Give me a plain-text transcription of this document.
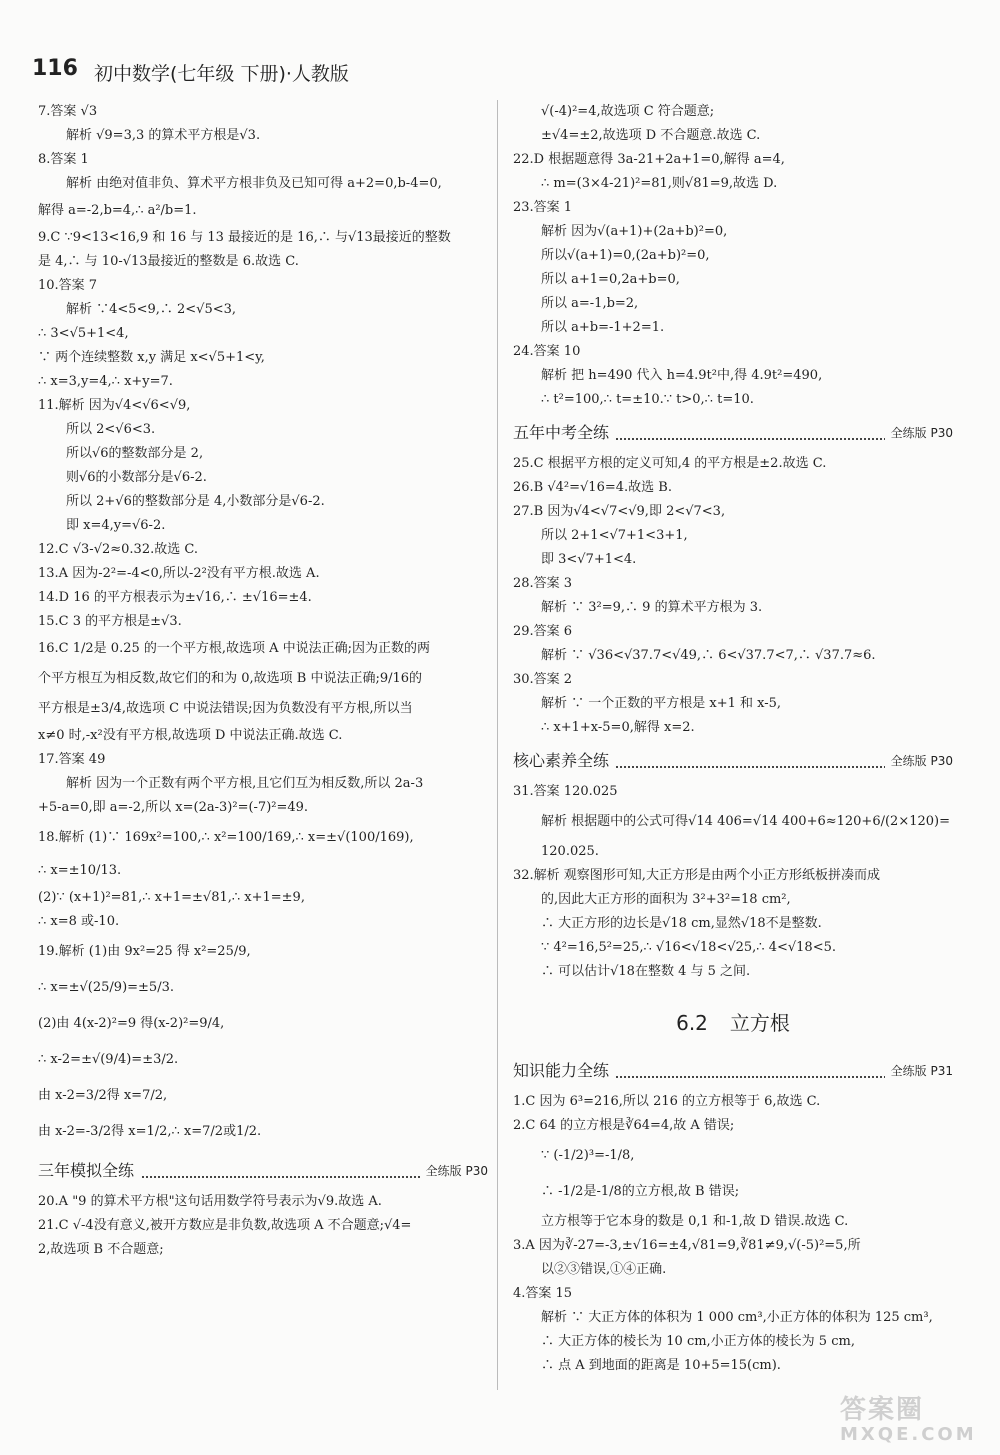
116 初中数学(七年级 下册)·人教版
7.答案 √3
解析 √9=3,3 的算术平方根是√3.
8.答案 1
解析 由绝对值非负、算术平方根非负及已知可得 a+2=0,b-4=0,
解得 a=-2,b=4,∴ a²/b=1.
9.C ∵9<13<16,9 和 16 与 13 最接近的是 16,∴ 与√13最接近的整数
是 4,∴ 与 10-√13最接近的整数是 6.故选 C.
10.答案 7
解析 ∵4<5<9,∴ 2<√5<3,
∴ 3<√5+1<4,
∵ 两个连续整数 x,y 满足 x<√5+1<y,
∴ x=3,y=4,∴ x+y=7.
11.解析 因为√4<√6<√9,
所以 2<√6<3.
所以√6的整数部分是 2,
则√6的小数部分是√6-2.
所以 2+√6的整数部分是 4,小数部分是√6-2.
即 x=4,y=√6-2.
12.C √3-√2≈0.32.故选 C.
13.A 因为-2²=-4<0,所以-2²没有平方根.故选 A.
14.D 16 的平方根表示为±√16,∴ ±√16=±4.
15.C 3 的平方根是±√3.
16.C 1/2是 0.25 的一个平方根,故选项 A 中说法正确;因为正数的两
个平方根互为相反数,故它们的和为 0,故选项 B 中说法正确;9/16的
平方根是±3/4,故选项 C 中说法错误;因为负数没有平方根,所以当
x≠0 时,-x²没有平方根,故选项 D 中说法正确.故选 C.
17.答案 49
解析 因为一个正数有两个平方根,且它们互为相反数,所以 2a-3
+5-a=0,即 a=-2,所以 x=(2a-3)²=(-7)²=49.
18.解析 (1)∵ 169x²=100,∴ x²=100/169,∴ x=±√(100/169),
∴ x=±10/13.
(2)∵ (x+1)²=81,∴ x+1=±√81,∴ x+1=±9,
∴ x=8 或-10.
19.解析 (1)由 9x²=25 得 x²=25/9,
∴ x=±√(25/9)=±5/3.
(2)由 4(x-2)²=9 得(x-2)²=9/4,
∴ x-2=±√(9/4)=±3/2.
由 x-2=3/2得 x=7/2,
由 x-2=-3/2得 x=1/2,∴ x=7/2或1/2.
三年模拟全练	全练版 P30
20.A "9 的算术平方根"这句话用数学符号表示为√9.故选 A.
21.C √-4没有意义,被开方数应是非负数,故选项 A 不合题意;√4=
2,故选项 B 不合题意;
√(-4)²=4,故选项 C 符合题意;
±√4=±2,故选项 D 不合题意.故选 C.
22.D 根据题意得 3a-21+2a+1=0,解得 a=4,
∴ m=(3×4-21)²=81,则√81=9,故选 D.
23.答案 1
解析 因为√(a+1)+(2a+b)²=0,
所以√(a+1)=0,(2a+b)²=0,
所以 a+1=0,2a+b=0,
所以 a=-1,b=2,
所以 a+b=-1+2=1.
24.答案 10
解析 把 h=490 代入 h=4.9t²中,得 4.9t²=490,
∴ t²=100,∴ t=±10.∵ t>0,∴ t=10.
五年中考全练	全练版 P30
25.C 根据平方根的定义可知,4 的平方根是±2.故选 C.
26.B √4²=√16=4.故选 B.
27.B 因为√4<√7<√9,即 2<√7<3,
所以 2+1<√7+1<3+1,
即 3<√7+1<4.
28.答案 3
解析 ∵ 3²=9,∴ 9 的算术平方根为 3.
29.答案 6
解析 ∵ √36<√37.7<√49,∴ 6<√37.7<7,∴ √37.7≈6.
30.答案 2
解析 ∵ 一个正数的平方根是 x+1 和 x-5,
∴ x+1+x-5=0,解得 x=2.
核心素养全练	全练版 P30
31.答案 120.025
解析 根据题中的公式可得√14 406=√14 400+6≈120+6/(2×120)=
120.025.
32.解析 观察图形可知,大正方形是由两个小正方形纸板拼凑而成
的,因此大正方形的面积为 3²+3²=18 cm²,
∴ 大正方形的边长是√18 cm,显然√18不是整数.
∵ 4²=16,5²=25,∴ √16<√18<√25,∴ 4<√18<5.
∴ 可以估计√18在整数 4 与 5 之间.
6.2 立方根
知识能力全练	全练版 P31
1.C 因为 6³=216,所以 216 的立方根等于 6,故选 C.
2.C 64 的立方根是∛64=4,故 A 错误;
∵ (-1/2)³=-1/8,
∴ -1/2是-1/8的立方根,故 B 错误;
立方根等于它本身的数是 0,1 和-1,故 D 错误.故选 C.
3.A 因为∛-27=-3,±√16=±4,√81=9,∛81≠9,√(-5)²=5,所
以②③错误,①④正确.
4.答案 15
解析 ∵ 大正方体的体积为 1 000 cm³,小正方体的体积为 125 cm³,
∴ 大正方体的棱长为 10 cm,小正方体的棱长为 5 cm,
∴ 点 A 到地面的距离是 10+5=15(cm).
答案圈
MXQE.COM
